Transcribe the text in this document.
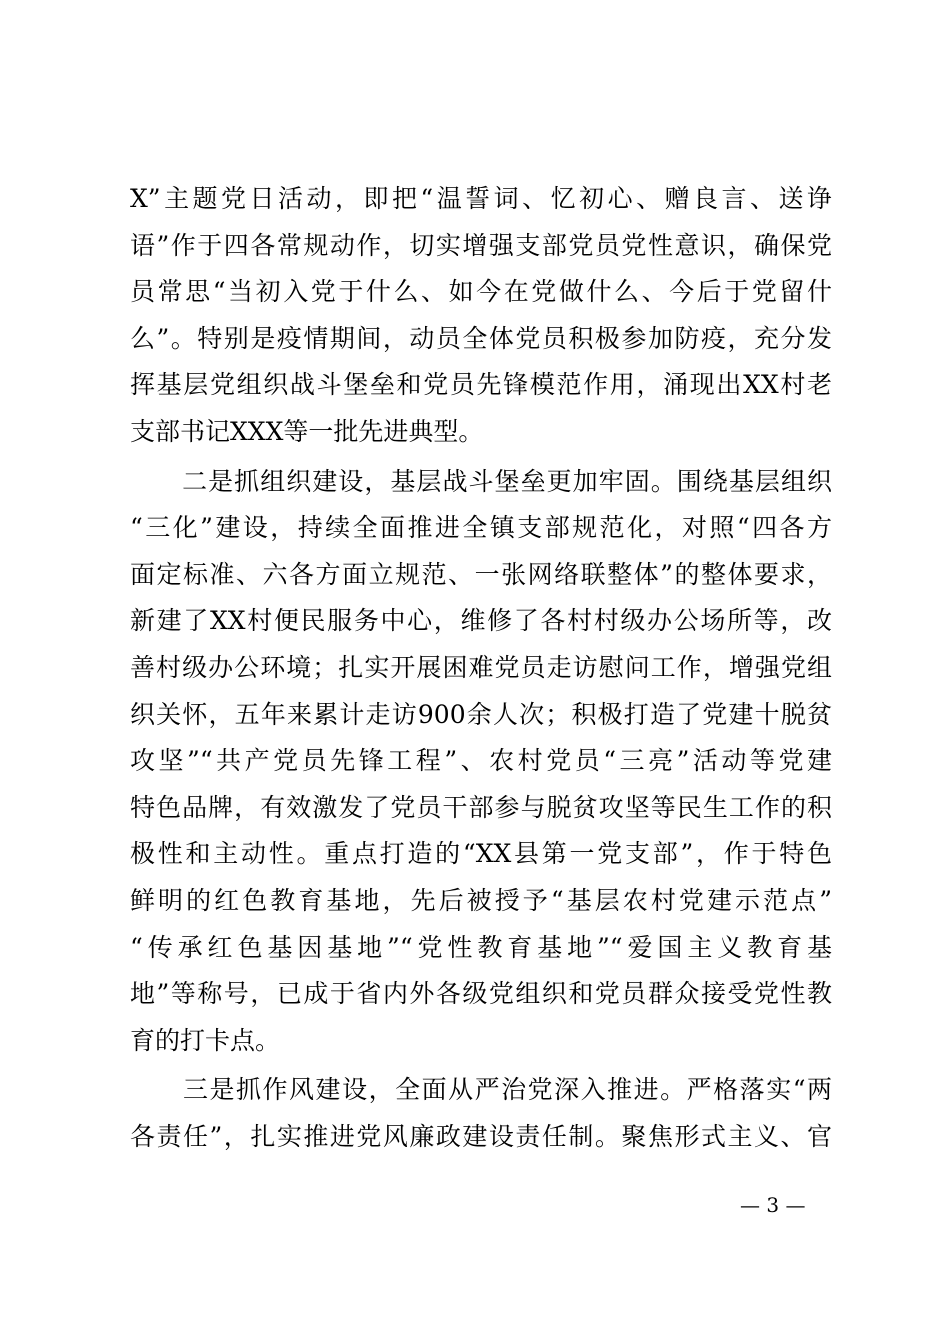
X”主题党日活动，即把“温誓词、忆初心、赠良言、送诤
语”作于四各常规动作，切实增强支部党员党性意识，确保党
员常思“当初入党于什么、如今在党做什么、今后于党留什
么”。特别是疫情期间，动员全体党员积极参加防疫，充分发
挥基层党组织战斗堡垒和党员先锋模范作用，涌现出XX村老
支部书记XXX等一批先进典型。
　　二是抓组织建设，基层战斗堡垒更加牢固。围绕基层组织
“三化”建设，持续全面推进全镇支部规范化，对照“四各方
面定标准、六各方面立规范、一张网络联整体”的整体要求，
新建了XX村便民服务中心，维修了各村村级办公场所等，改
善村级办公环境；扎实开展困难党员走访慰问工作，增强党组
织关怀，五年来累计走访900余人次；积极打造了党建十脱贫
攻坚”“共产党员先锋工程”、农村党员“三亮”活动等党建
特色品牌，有效激发了党员干部参与脱贫攻坚等民生工作的积
极性和主动性。重点打造的“XX县第一党支部”，作于特色
鲜明的红色教育基地，先后被授予“基层农村党建示范点”
“传承红色基因基地”“党性教育基地”“爱国主义教育基
地”等称号，已成于省内外各级党组织和党员群众接受党性教
育的打卡点。
　　三是抓作风建设，全面从严治党深入推进。严格落实“两
各责任”，扎实推进党风廉政建设责任制。聚焦形式主义、官
— 3 —
